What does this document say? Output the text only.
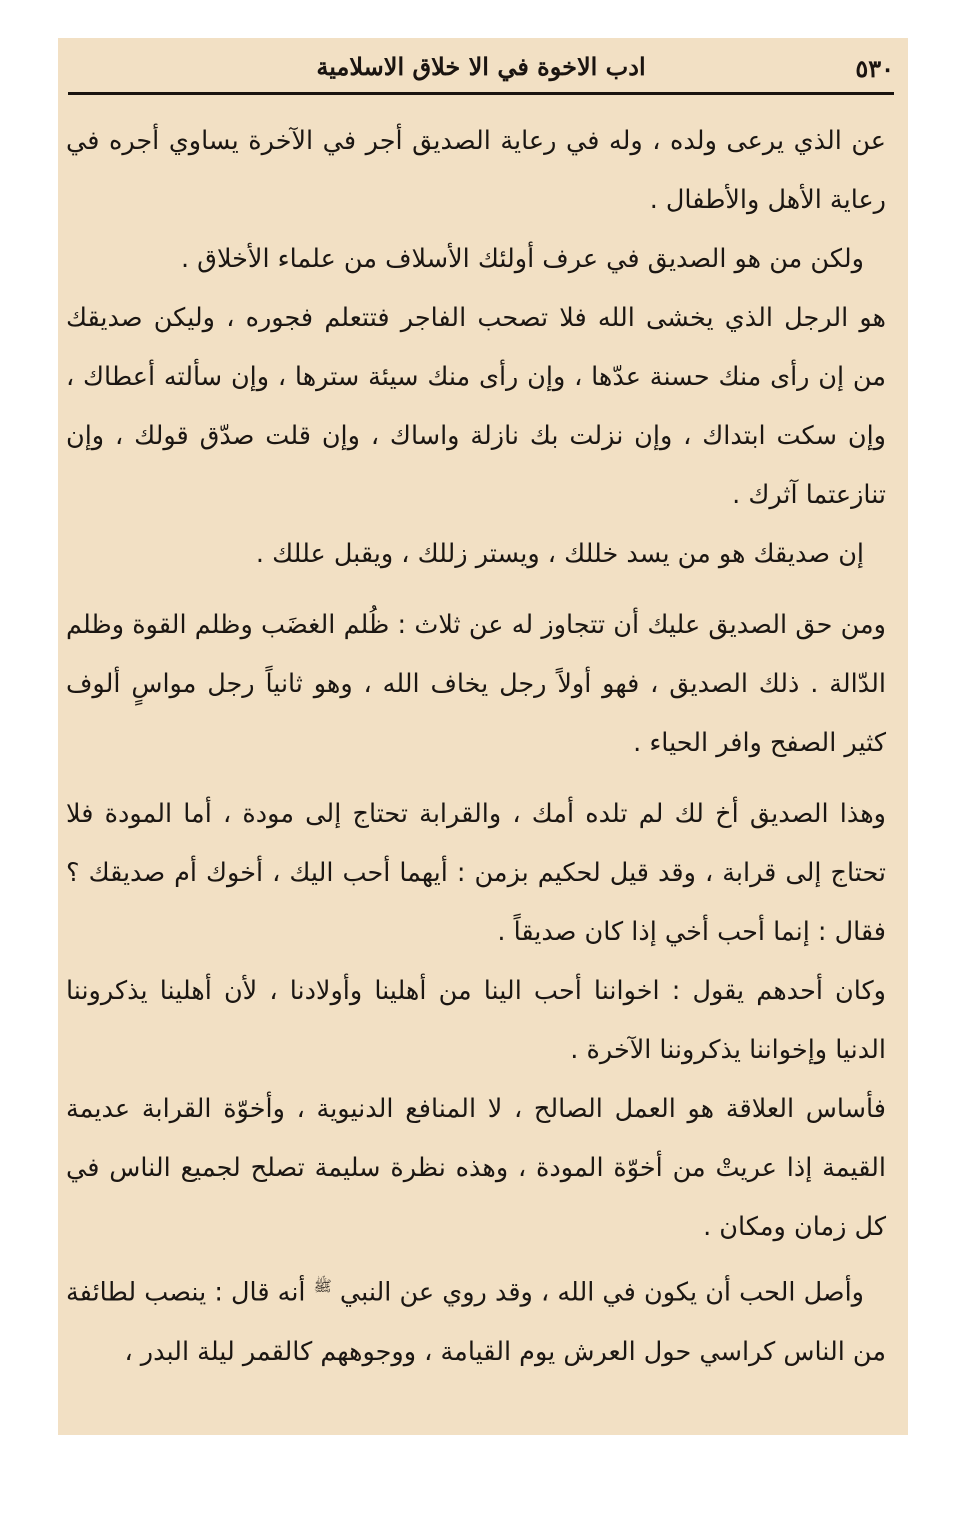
٥٣٠
ادب الاخوة في الا خلاق الاسلامية

عن الذي يرعى ولده ، وله في رعاية الصديق أجر في الآخرة يساوي أجره في رعاية الأهل والأطفال .

ولكن من هو الصديق في عرف أولئك الأسلاف من علماء الأخلاق .

هو الرجل الذي يخشى الله فلا تصحب الفاجر فتتعلم فجوره ، وليكن صديقك من إن رأى منك حسنة عدّها ، وإن رأى منك سيئة سترها ، وإن سألته أعطاك ، وإن سكت ابتداك ، وإن نزلت بك نازلة واساك ، وإن قلت صدّق قولك ، وإن تنازعتما آثرك .

إن صديقك هو من يسد خللك ، ويستر زللك ، ويقبل عللك .

ومن حق الصديق عليك أن تتجاوز له عن ثلاث : ظُلم الغضَب وظلم القوة وظلم الدّالة . ذلك الصديق ، فهو أولاً رجل يخاف الله ، وهو ثانياً رجل مواسٍ ألوف كثير الصفح وافر الحياء .

وهذا الصديق أخ لك لم تلده أمك ، والقرابة تحتاج إلى مودة ، أما المودة فلا تحتاج إلى قرابة ، وقد قيل لحكيم بزمن : أيهما أحب اليك ، أخوك أم صديقك ؟ فقال : إنما أحب أخي إذا كان صديقاً .

وكان أحدهم يقول : اخواننا أحب الينا من أهلينا وأولادنا ، لأن أهلينا يذكروننا الدنيا وإخواننا يذكروننا الآخرة .

فأساس العلاقة هو العمل الصالح ، لا المنافع الدنيوية ، وأخوّة القرابة عديمة القيمة إذا عريتْ من أخوّة المودة ، وهذه نظرة سليمة تصلح لجميع الناس في كل زمان ومكان .

وأصل الحب أن يكون في الله ، وقد روي عن النبي $^ﷺ$ أنه قال : ينصب لطائفة من الناس كراسي حول العرش يوم القيامة ، ووجوههم كالقمر ليلة البدر ،
